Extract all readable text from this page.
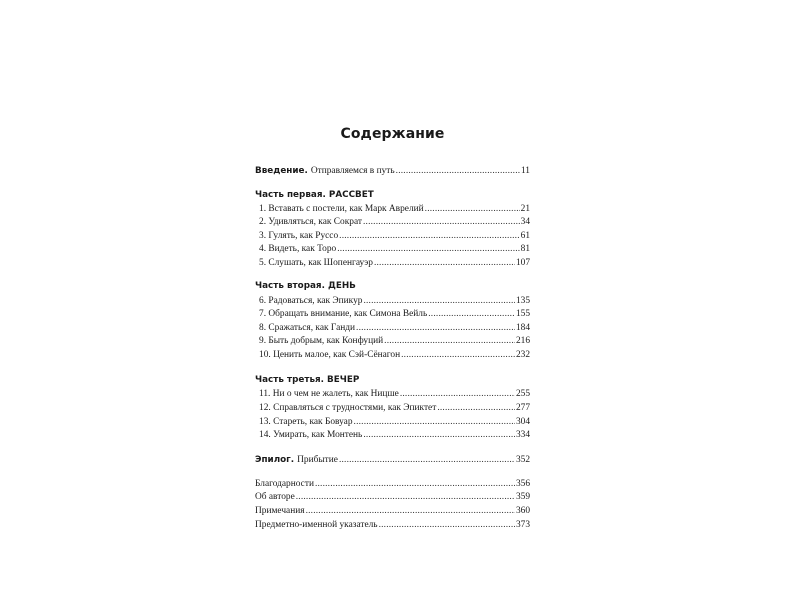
Содержание
Введение. Отправляемся в путь .....	11
Часть первая. РАССВЕТ
1. Вставать с постели, как Марк Аврелий .....	21
2. Удивляться, как Сократ .....	34
3. Гулять, как Руссо .....	61
4. Видеть, как Торо .....	81
5. Слушать, как Шопенгауэр .....	107
Часть вторая. ДЕНЬ
6. Радоваться, как Эпикур .....	135
7. Обращать внимание, как Симона Вейль .....	155
8. Сражаться, как Ганди .....	184
9. Быть добрым, как Конфуций .....	216
10. Ценить малое, как Сэй-Сёнагон .....	232
Часть третья. ВЕЧЕР
11. Ни о чем не жалеть, как Ницше .....	255
12. Справляться с трудностями, как Эпиктет .....	277
13. Стареть, как Бовуар .....	304
14. Умирать, как Монтень .....	334
Эпилог. Прибытие .....	352
Благодарности .....	356
Об авторе .....	359
Примечания .....	360
Предметно-именной указатель .....	373
